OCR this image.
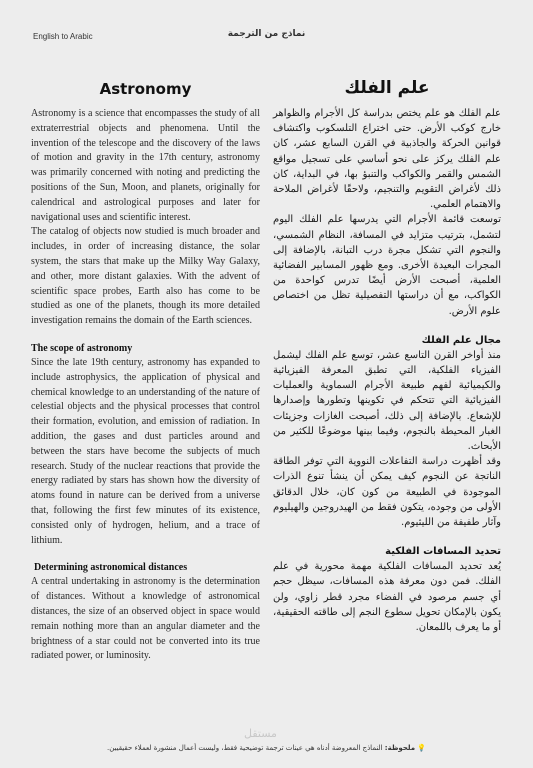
English to Arabic	نماذج من الترجمة
Astronomy

Astronomy is a science that encompasses the study of all extraterrestrial objects and phenomena. Until the invention of the telescope and the discovery of the laws of motion and gravity in the 17th century, astronomy was primarily concerned with noting and predicting the positions of the Sun, Moon, and planets, originally for calendrical and astrological purposes and later for navigational uses and scientific interest.

The catalog of objects now studied is much broader and includes, in order of increasing distance, the solar system, the stars that make up the Milky Way Galaxy, and other, more distant galaxies. With the advent of scientific space probes, Earth also has come to be studied as one of the planets, though its more detailed investigation remains the domain of the Earth sciences.

The scope of astronomy

Since the late 19th century, astronomy has expanded to include astrophysics, the application of physical and chemical knowledge to an understanding of the nature of celestial objects and the physical processes that control their formation, evolution, and emission of radiation. In addition, the gases and dust particles around and between the stars have become the subjects of much research. Study of the nuclear reactions that provide the energy radiated by stars has shown how the diversity of atoms found in nature can be derived from a universe that, following the first few minutes of its existence, consisted only of hydrogen, helium, and a trace of lithium.

Determining astronomical distances

A central undertaking in astronomy is the determination of distances. Without a knowledge of astronomical distances, the size of an observed object in space would remain nothing more than an angular diameter and the brightness of a star could not be converted into its true radiated power, or luminosity.

علم الفلك

علم الفلك هو علم يختص بدراسة كل الأجرام والظواهر خارج كوكب الأرض. حتى اختراع التلسكوب واكتشاف قوانين الحركة والجاذبية في القرن السابع عشر، كان علم الفلك يركز على نحو أساسي على تسجيل مواقع الشمس والقمر والكواكب والتنبؤ بها، في البداية، كان ذلك لأغراض التقويم والتنجيم، ولاحقًا لأغراض الملاحة والاهتمام العلمي.

توسعت قائمة الأجرام التي يدرسها علم الفلك اليوم لتشمل، بترتيب متزايد في المسافة، النظام الشمسي، والنجوم التي تشكل مجرة درب التبانة، بالإضافة إلى المجرات البعيدة الأخرى. ومع ظهور المسابير الفضائية العلمية، أصبحت الأرض أيضًا تدرس كواحدة من الكواكب، مع أن دراستها التفصيلية تظل من اختصاص علوم الأرض.

مجال علم الفلك

منذ أواخر القرن التاسع عشر، توسع علم الفلك ليشمل الفيزياء الفلكية، التي تطبق المعرفة الفيزيائية والكيميائية لفهم طبيعة الأجرام السماوية والعمليات الفيزيائية التي تتحكم في تكوينها وتطورها وإصدارها للإشعاع. بالإضافة إلى ذلك، أصبحت الغازات وجزيئات الغبار المحيطة بالنجوم، وفيما بينها موضوعًا للكثير من الأبحاث.

وقد أظهرت دراسة التفاعلات النووية التي توفر الطاقة الناتجة عن النجوم كيف يمكن أن ينشأ تنوع الذرات الموجودة في الطبيعة من كون كان، خلال الدقائق الأولى من وجوده، يتكون فقط من الهيدروجين والهيليوم وآثار طفيفة من الليثيوم.

تحديد المسافات الفلكية

يُعد تحديد المسافات الفلكية مهمة محورية في علم الفلك. فمن دون معرفة هذه المسافات، سيظل حجم أي جسم مرصود في الفضاء مجرد قطر زاوي، ولن يكون بالإمكان تحويل سطوع النجم إلى طاقته الحقيقية، أو ما يعرف باللمعان.

مستقل
💡 ملحوظة: النماذج المعروضة أدناه هي عينات ترجمة توضيحية فقط، وليست أعمال منشورة لعملاء حقيقيين.
